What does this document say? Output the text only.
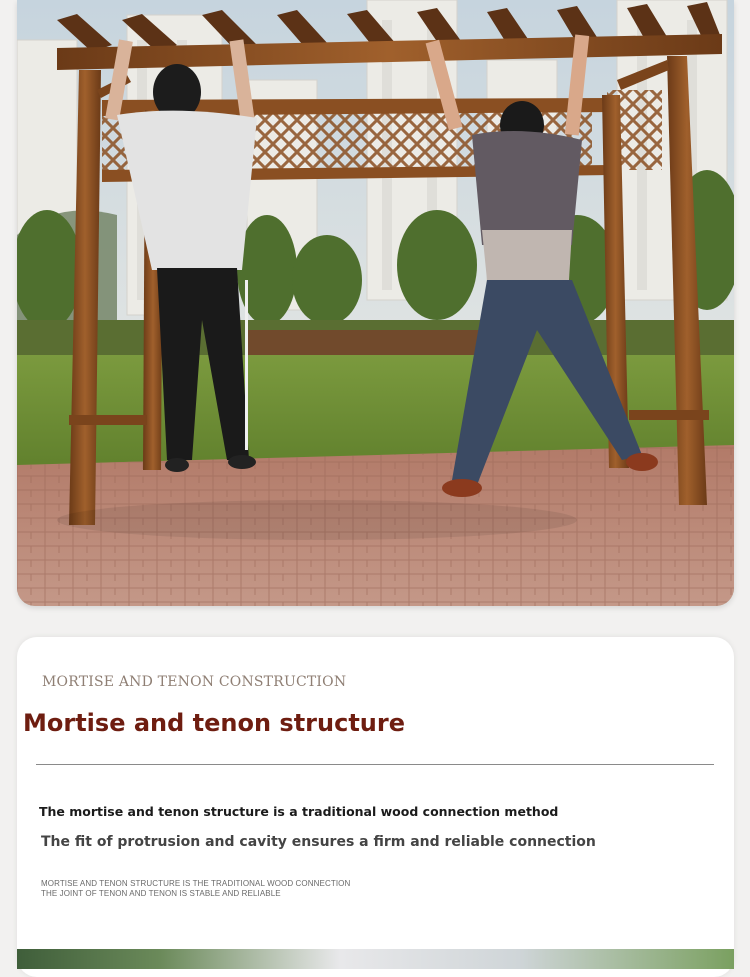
MORTISE AND TENON CONSTRUCTION
Mortise and tenon structure
The mortise and tenon structure is a traditional wood connection method
The fit of protrusion and cavity ensures a firm and reliable connection
MORTISE AND TENON STRUCTURE IS THE TRADITIONAL WOOD CONNECTION
THE JOINT OF TENON AND TENON IS STABLE AND RELIABLE
